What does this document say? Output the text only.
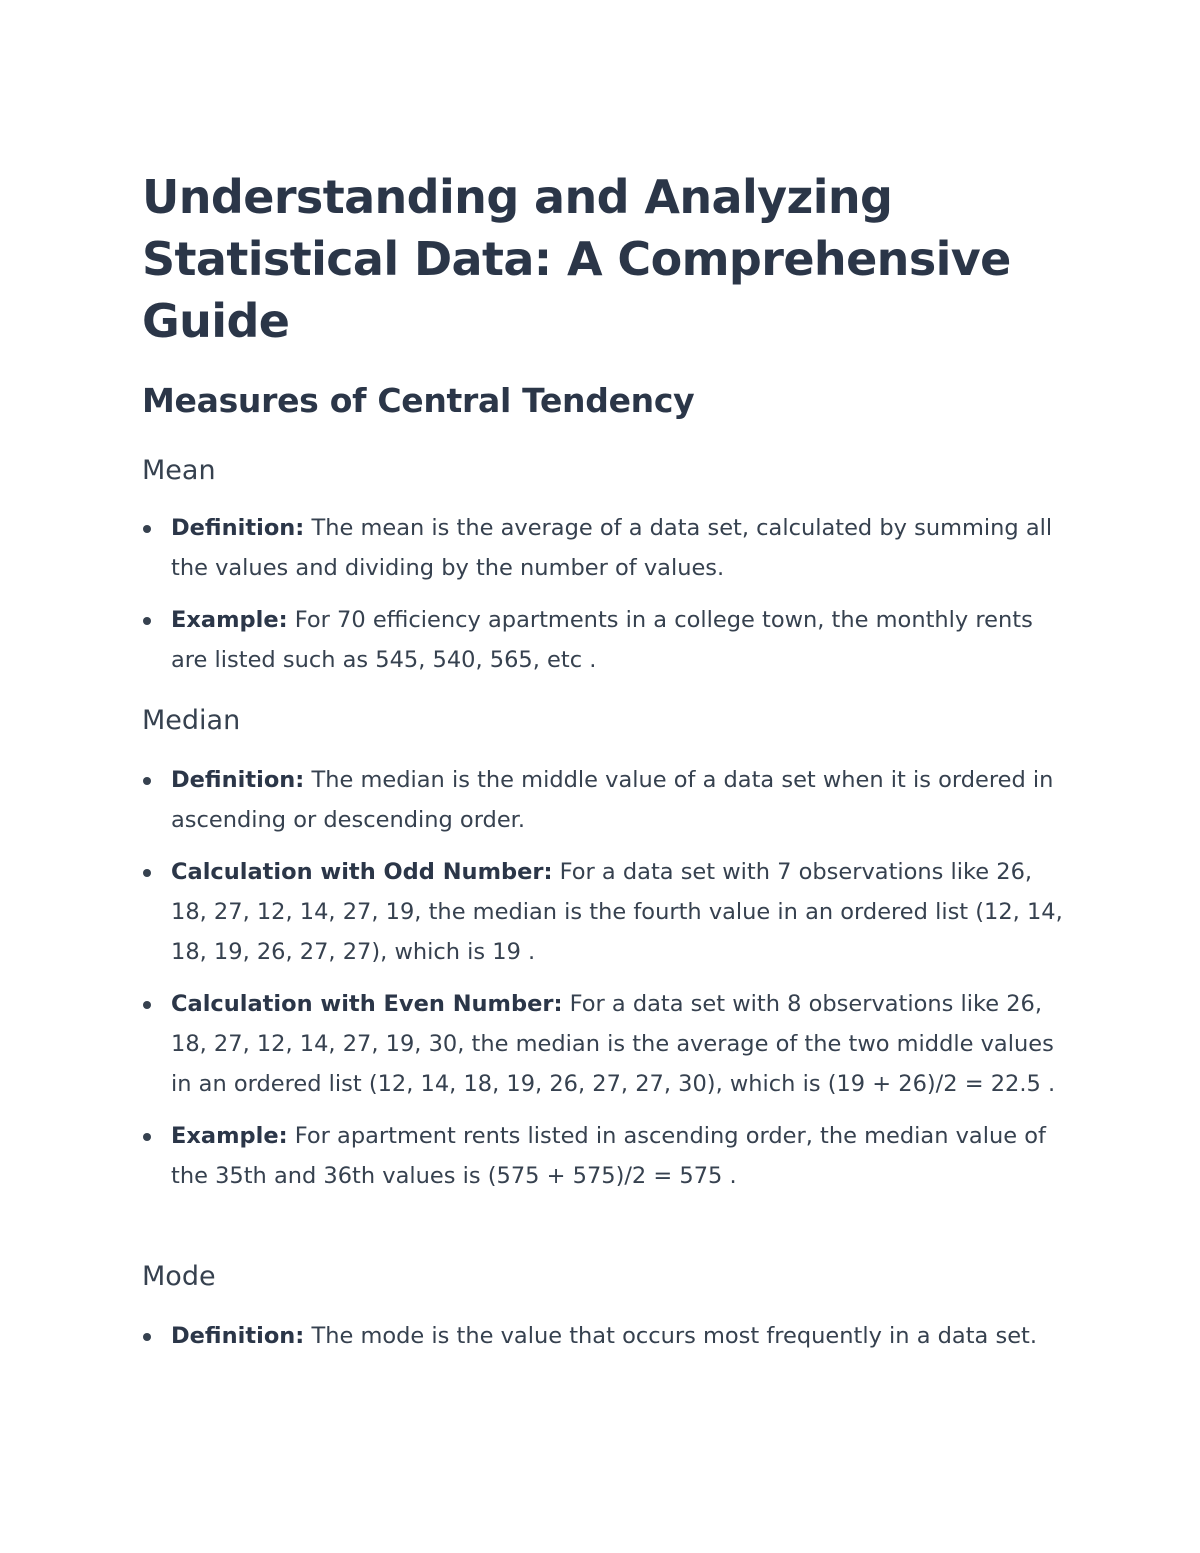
Understanding and Analyzing Statistical Data: A Comprehensive Guide
Measures of Central Tendency
Mean
Definition: The mean is the average of a data set, calculated by summing all the values and dividing by the number of values.
Example: For 70 efficiency apartments in a college town, the monthly rents are listed such as 545, 540, 565, etc .
Median
Definition: The median is the middle value of a data set when it is ordered in ascending or descending order.
Calculation with Odd Number: For a data set with 7 observations like 26, 18, 27, 12, 14, 27, 19, the median is the fourth value in an ordered list (12, 14, 18, 19, 26, 27, 27), which is 19 .
Calculation with Even Number: For a data set with 8 observations like 26, 18, 27, 12, 14, 27, 19, 30, the median is the average of the two middle values in an ordered list (12, 14, 18, 19, 26, 27, 27, 30), which is (19 + 26)/2 = 22.5 .
Example: For apartment rents listed in ascending order, the median value of the 35th and 36th values is (575 + 575)/2 = 575 .
Mode
Definition: The mode is the value that occurs most frequently in a data set.
